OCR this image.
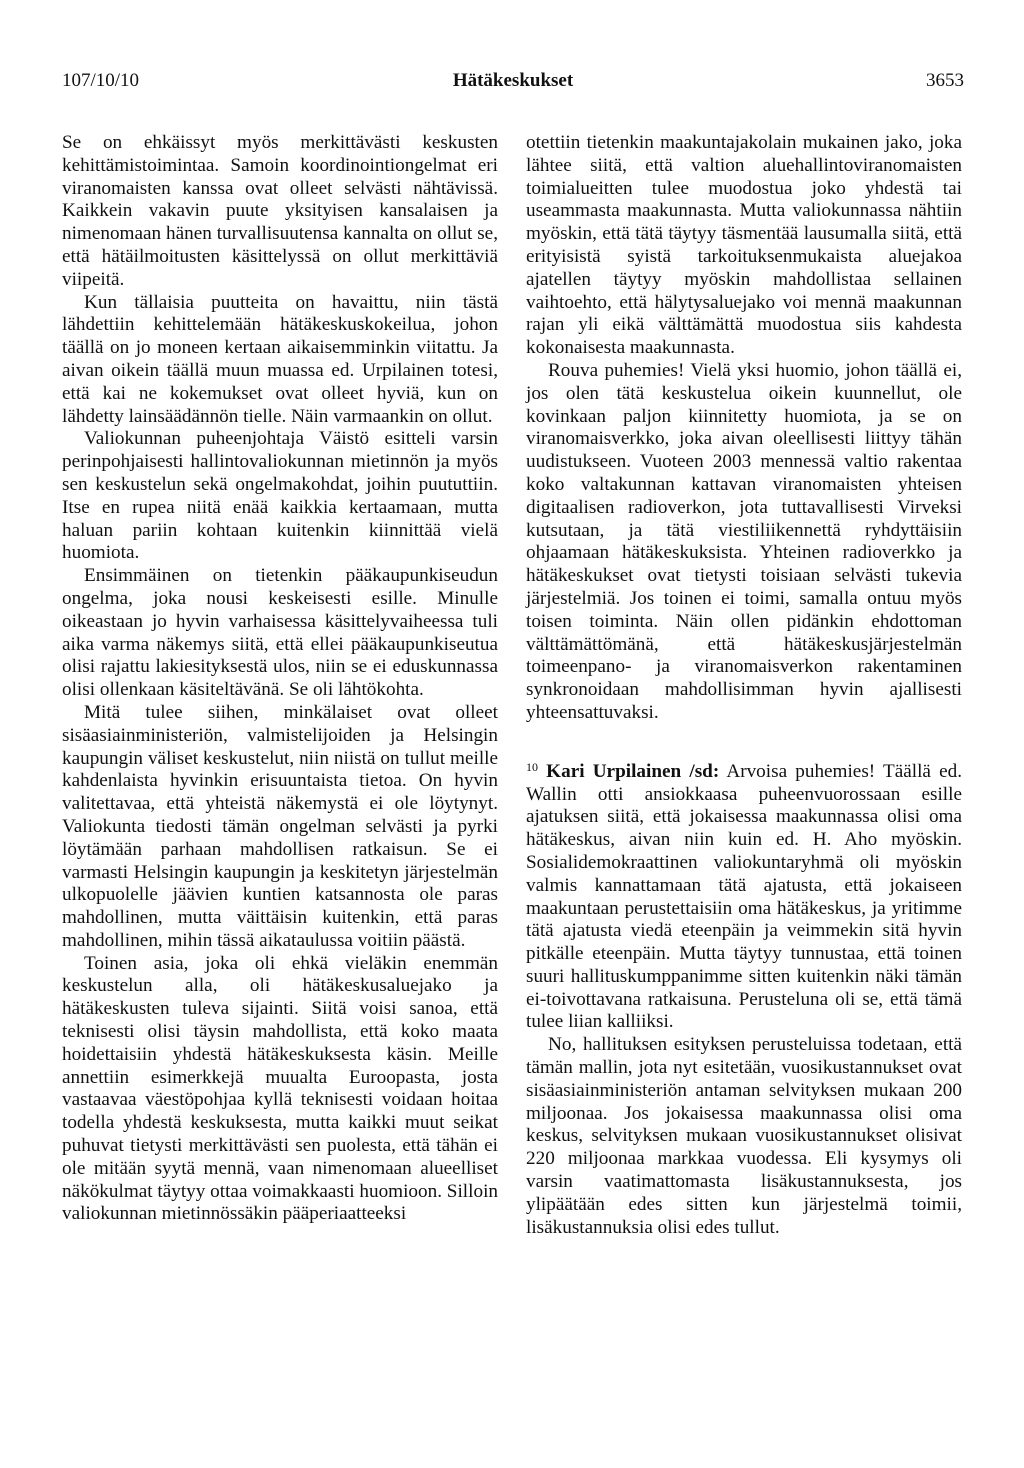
107/10/10	Hätäkeskukset	3653

Se on ehkäissyt myös merkittävästi keskusten kehittämistoimintaa. Samoin koordinointiongelmat eri viranomaisten kanssa ovat olleet selvästi nähtävissä. Kaikkein vakavin puute yksityisen kansalaisen ja nimenomaan hänen turvallisuutensa kannalta on ollut se, että hätäilmoitusten käsittelyssä on ollut merkittäviä viipeitä.

Kun tällaisia puutteita on havaittu, niin tästä lähdettiin kehittelemään hätäkeskuskokeilua, johon täällä on jo moneen kertaan aikaisemminkin viitattu. Ja aivan oikein täällä muun muassa ed. Urpilainen totesi, että kai ne kokemukset ovat olleet hyviä, kun on lähdetty lainsäädännön tielle. Näin varmaankin on ollut.

Valiokunnan puheenjohtaja Väistö esitteli varsin perinpohjaisesti hallintovaliokunnan mietinnön ja myös sen keskustelun sekä ongelmakohdat, joihin puututtiin. Itse en rupea niitä enää kaikkia kertaamaan, mutta haluan pariin kohtaan kuitenkin kiinnittää vielä huomiota.

Ensimmäinen on tietenkin pääkaupunkiseudun ongelma, joka nousi keskeisesti esille. Minulle oikeastaan jo hyvin varhaisessa käsittelyvaiheessa tuli aika varma näkemys siitä, että ellei pääkaupunkiseutua olisi rajattu lakiesityksestä ulos, niin se ei eduskunnassa olisi ollenkaan käsiteltävänä. Se oli lähtökohta.

Mitä tulee siihen, minkälaiset ovat olleet sisäasiainministeriön, valmistelijoiden ja Helsingin kaupungin väliset keskustelut, niin niistä on tullut meille kahdenlaista hyvinkin erisuuntaista tietoa. On hyvin valitettavaa, että yhteistä näkemystä ei ole löytynyt. Valiokunta tiedosti tämän ongelman selvästi ja pyrki löytämään parhaan mahdollisen ratkaisun. Se ei varmasti Helsingin kaupungin ja keskitetyn järjestelmän ulkopuolelle jäävien kuntien katsannosta ole paras mahdollinen, mutta väittäisin kuitenkin, että paras mahdollinen, mihin tässä aikataulussa voitiin päästä.

Toinen asia, joka oli ehkä vieläkin enemmän keskustelun alla, oli hätäkeskusaluejako ja hätäkeskusten tuleva sijainti. Siitä voisi sanoa, että teknisesti olisi täysin mahdollista, että koko maata hoidettaisiin yhdestä hätäkeskuksesta käsin. Meille annettiin esimerkkejä muualta Euroopasta, josta vastaavaa väestöpohjaa kyllä teknisesti voidaan hoitaa todella yhdestä keskuksesta, mutta kaikki muut seikat puhuvat tietysti merkittävästi sen puolesta, että tähän ei ole mitään syytä mennä, vaan nimenomaan alueelliset näkökulmat täytyy ottaa voimakkaasti huomioon. Silloin valiokunnan mietinnössäkin pääperiaatteeksi

otettiin tietenkin maakuntajakolain mukainen jako, joka lähtee siitä, että valtion aluehallintoviranomaisten toimialueitten tulee muodostua joko yhdestä tai useammasta maakunnasta. Mutta valiokunnassa nähtiin myöskin, että tätä täytyy täsmentää lausumalla siitä, että erityisistä syistä tarkoituksenmukaista aluejakoa ajatellen täytyy myöskin mahdollistaa sellainen vaihtoehto, että hälytysaluejako voi mennä maakunnan rajan yli eikä välttämättä muodostua siis kahdesta kokonaisesta maakunnasta.

Rouva puhemies! Vielä yksi huomio, johon täällä ei, jos olen tätä keskustelua oikein kuunnellut, ole kovinkaan paljon kiinnitetty huomiota, ja se on viranomaisverkko, joka aivan oleellisesti liittyy tähän uudistukseen. Vuoteen 2003 mennessä valtio rakentaa koko valtakunnan kattavan viranomaisten yhteisen digitaalisen radioverkon, jota tuttavallisesti Virveksi kutsutaan, ja tätä viestiliikennettä ryhdyttäisiin ohjaamaan hätäkeskuksista. Yhteinen radioverkko ja hätäkeskukset ovat tietysti toisiaan selvästi tukevia järjestelmiä. Jos toinen ei toimi, samalla ontuu myös toisen toiminta. Näin ollen pidänkin ehdottoman välttämättömänä, että hätäkeskusjärjestelmän toimeenpano- ja viranomaisverkon rakentaminen synkronoidaan mahdollisimman hyvin ajallisesti yhteensattuvaksi.

$^{10}$ Kari Urpilainen /sd: Arvoisa puhemies! Täällä ed. Wallin otti ansiokkaasa puheenvuorossaan esille ajatuksen siitä, että jokaisessa maakunnassa olisi oma hätäkeskus, aivan niin kuin ed. H. Aho myöskin. Sosialidemokraattinen valiokuntaryhmä oli myöskin valmis kannattamaan tätä ajatusta, että jokaiseen maakuntaan perustettaisiin oma hätäkeskus, ja yritimme tätä ajatusta viedä eteenpäin ja veimmekin sitä hyvin pitkälle eteenpäin. Mutta täytyy tunnustaa, että toinen suuri hallituskumppanimme sitten kuitenkin näki tämän ei-toivottavana ratkaisuna. Perusteluna oli se, että tämä tulee liian kalliiksi.

No, hallituksen esityksen perusteluissa todetaan, että tämän mallin, jota nyt esitetään, vuosikustannukset ovat sisäasiainministeriön antaman selvityksen mukaan 200 miljoonaa. Jos jokaisessa maakunnassa olisi oma keskus, selvityksen mukaan vuosikustannukset olisivat 220 miljoonaa markkaa vuodessa. Eli kysymys oli varsin vaatimattomasta lisäkustannuksesta, jos ylipäätään edes sitten kun järjestelmä toimii, lisäkustannuksia olisi edes tullut.
